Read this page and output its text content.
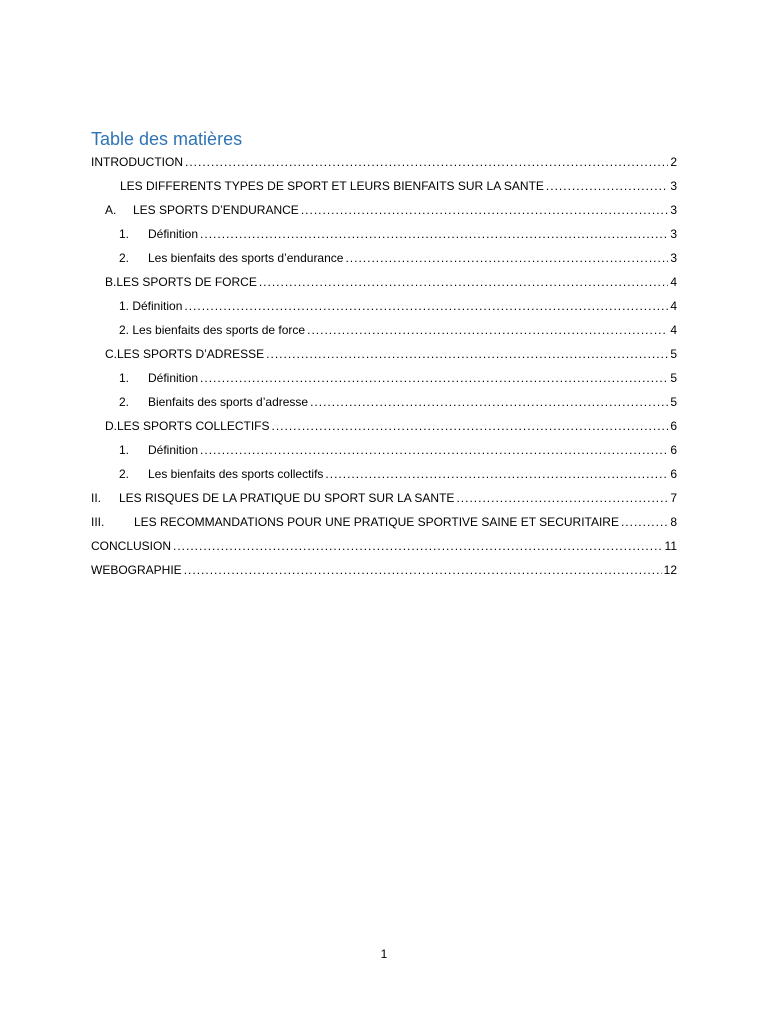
Table des matières
INTRODUCTION .....	2
LES DIFFERENTS TYPES DE SPORT ET LEURS BIENFAITS SUR LA SANTE .....	3
A.	LES SPORTS D’ENDURANCE .....	3
1.	Définition .....	3
2.	Les bienfaits des sports d’endurance .....	3
B.LES SPORTS DE FORCE .....	4
1. Définition .....	4
2. Les bienfaits des sports de force .....	4
C.LES SPORTS D’ADRESSE .....	5
1.	Définition .....	5
2.	Bienfaits des sports d’adresse .....	5
D.LES SPORTS COLLECTIFS .....	6
1.	Définition .....	6
2.	Les bienfaits des sports collectifs .....	6
II.	LES RISQUES DE LA PRATIQUE DU SPORT SUR LA SANTE .....	7
III.	LES RECOMMANDATIONS POUR UNE PRATIQUE SPORTIVE SAINE ET SECURITAIRE .....	8
CONCLUSION .....	11
WEBOGRAPHIE .....	12
1
